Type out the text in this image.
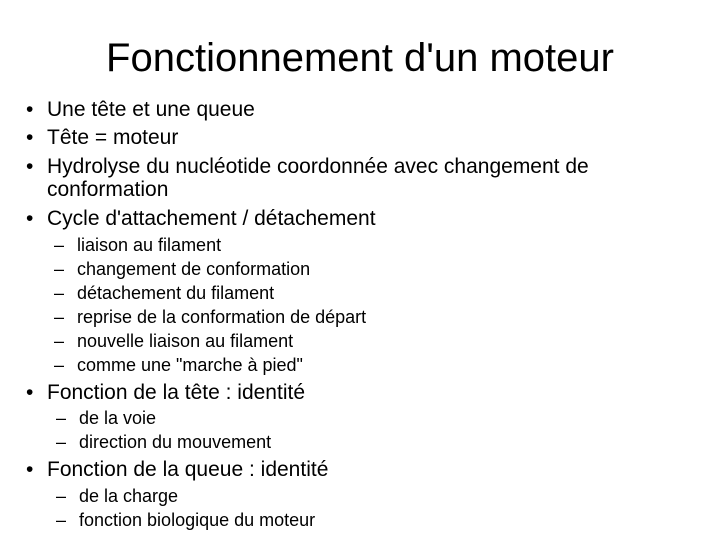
Fonctionnement d'un moteur
• Une tête et une queue
• Tête = moteur
• Hydrolyse du nucléotide coordonnée avec changement de
conformation
• Cycle d'attachement / détachement
– liaison au filament
– changement de conformation
– détachement du filament
– reprise de la conformation de départ
– nouvelle liaison au filament
– comme une "marche à pied"
• Fonction de la tête : identité
– de la voie
– direction du mouvement
• Fonction de la queue : identité
– de la charge
– fonction biologique du moteur
